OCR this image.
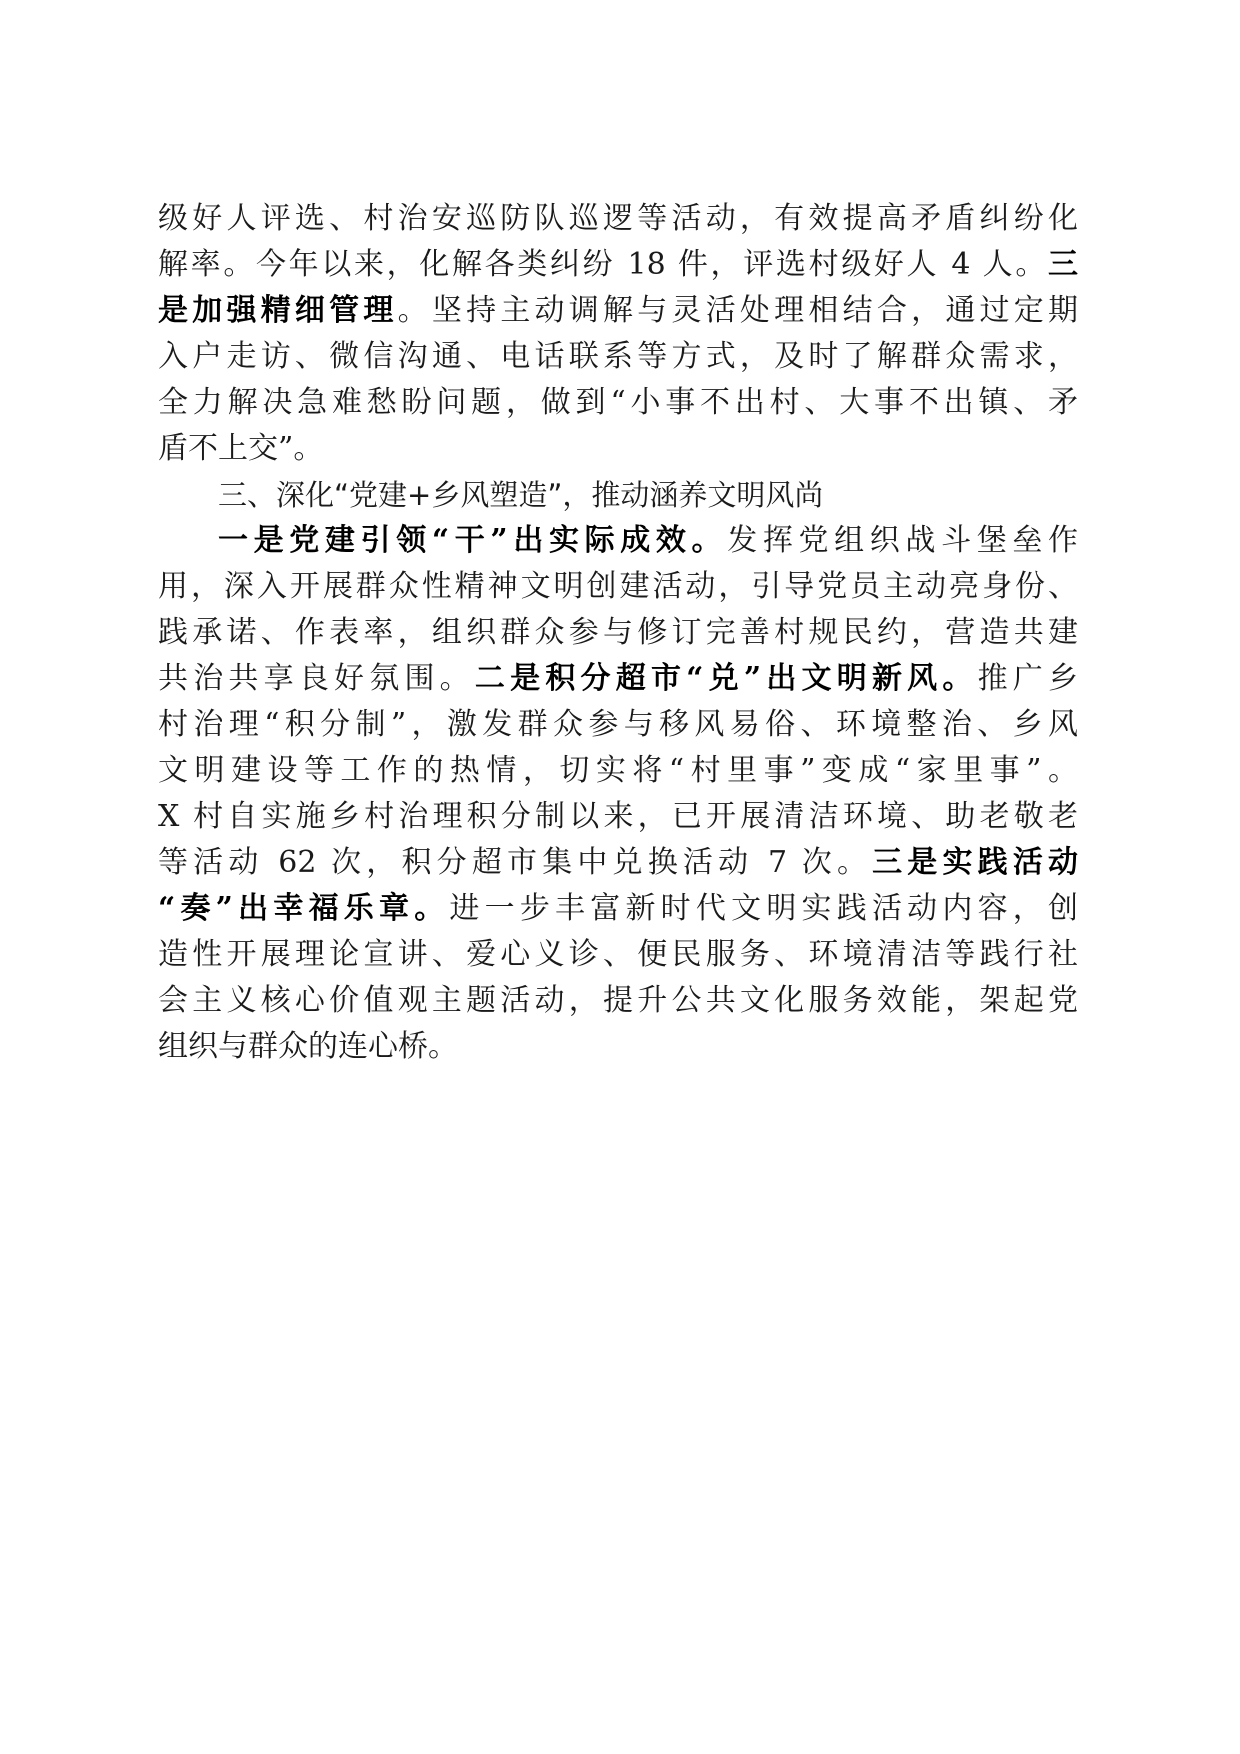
级好人评选、村治安巡防队巡逻等活动，有效提高矛盾纠纷化
解率。今年以来，化解各类纠纷 18 件，评选村级好人 4 人。三
是加强精细管理。坚持主动调解与灵活处理相结合，通过定期
入户走访、微信沟通、电话联系等方式，及时了解群众需求，
全力解决急难愁盼问题，做到“小事不出村、大事不出镇、矛
盾不上交”。
三、深化“党建+乡风塑造”，推动涵养文明风尚
一是党建引领“干”出实际成效。发挥党组织战斗堡垒作
用，深入开展群众性精神文明创建活动，引导党员主动亮身份、
践承诺、作表率，组织群众参与修订完善村规民约，营造共建
共治共享良好氛围。二是积分超市“兑”出文明新风。推广乡
村治理“积分制”，激发群众参与移风易俗、环境整治、乡风
文明建设等工作的热情，切实将“村里事”变成“家里事”。
X 村自实施乡村治理积分制以来，已开展清洁环境、助老敬老
等活动 62 次，积分超市集中兑换活动 7 次。三是实践活动
“奏”出幸福乐章。进一步丰富新时代文明实践活动内容，创
造性开展理论宣讲、爱心义诊、便民服务、环境清洁等践行社
会主义核心价值观主题活动，提升公共文化服务效能，架起党
组织与群众的连心桥。
